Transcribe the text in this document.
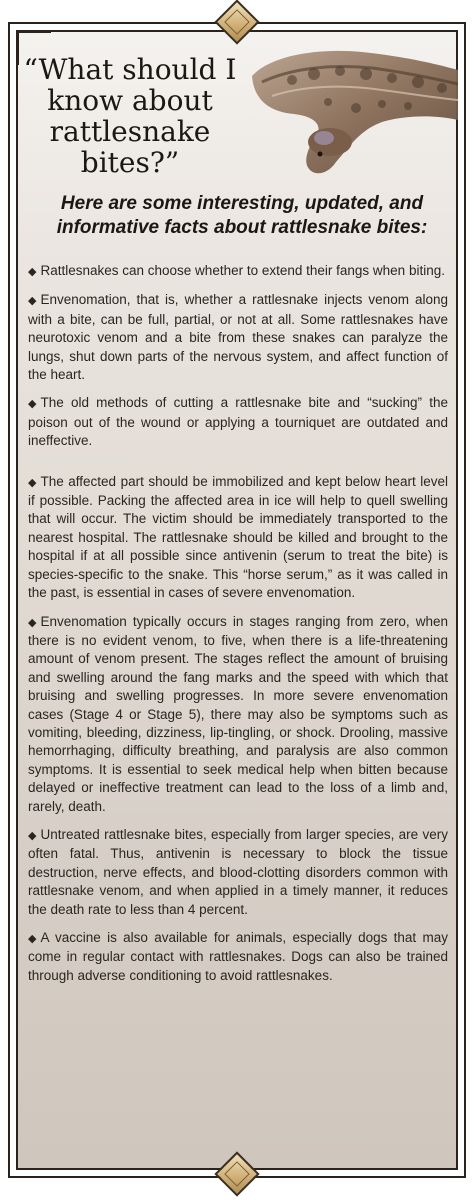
“What should I know about rattlesnake bites?”
Here are some interesting, updated, and informative facts about rattlesnake bites:
◆ Rattlesnakes can choose whether to extend their fangs when biting.
◆ Envenomation, that is, whether a rattlesnake injects venom along with a bite, can be full, partial, or not at all. Some rattlesnakes have neurotoxic venom and a bite from these snakes can paralyze the lungs, shut down parts of the nervous system, and affect function of the heart.
◆ The old methods of cutting a rattlesnake bite and “sucking” the poison out of the wound or applying a tourniquet are outdated and ineffective.
◆ The affected part should be immobilized and kept below heart level if possible. Packing the affected area in ice will help to quell swelling that will occur. The victim should be immediately transported to the nearest hospital. The rattlesnake should be killed and brought to the hospital if at all possible since antivenin (serum to treat the bite) is species-specific to the snake. This “horse serum,” as it was called in the past, is essential in cases of severe envenomation.
◆ Envenomation typically occurs in stages ranging from zero, when there is no evident venom, to five, when there is a life-threatening amount of venom present. The stages reflect the amount of bruising and swelling around the fang marks and the speed with which that bruising and swelling progresses. In more severe envenomation cases (Stage 4 or Stage 5), there may also be symptoms such as vomiting, bleeding, dizziness, lip-tingling, or shock. Drooling, massive hemorrhaging, difficulty breathing, and paralysis are also common symptoms. It is essential to seek medical help when bitten because delayed or ineffective treatment can lead to the loss of a limb and, rarely, death.
◆ Untreated rattlesnake bites, especially from larger species, are very often fatal. Thus, antivenin is necessary to block the tissue destruction, nerve effects, and blood-clotting disorders common with rattlesnake venom, and when applied in a timely manner, it reduces the death rate to less than 4 percent.
◆ A vaccine is also available for animals, especially dogs that may come in regular contact with rattlesnakes. Dogs can also be trained through adverse conditioning to avoid rattlesnakes.
